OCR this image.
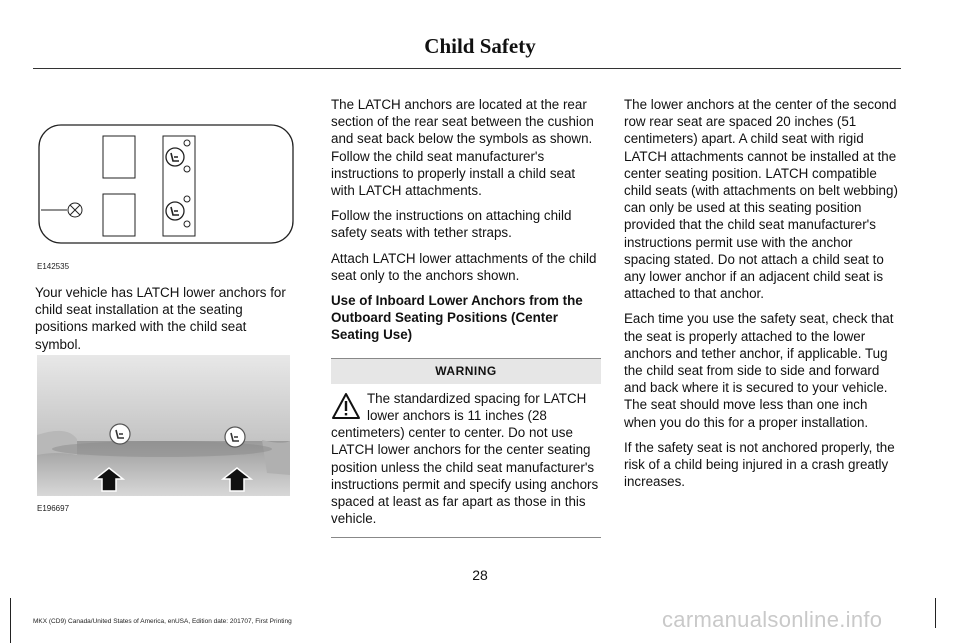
Child Safety
E142535

Your vehicle has LATCH lower anchors for child seat installation at the seating positions marked with the child seat symbol.

E196697

The LATCH anchors are located at the rear section of the rear seat between the cushion and seat back below the symbols as shown. Follow the child seat manufacturer's instructions to properly install a child seat with LATCH attachments.

Follow the instructions on attaching child safety seats with tether straps.

Attach LATCH lower attachments of the child seat only to the anchors shown.

Use of Inboard Lower Anchors from the Outboard Seating Positions (Center Seating Use)

WARNING
The standardized spacing for LATCH lower anchors is 11 inches (28 centimeters) center to center. Do not use LATCH lower anchors for the center seating position unless the child seat manufacturer's instructions permit and specify using anchors spaced at least as far apart as those in this vehicle.

The lower anchors at the center of the second row rear seat are spaced 20 inches (51 centimeters) apart. A child seat with rigid LATCH attachments cannot be installed at the center seating position. LATCH compatible child seats (with attachments on belt webbing) can only be used at this seating position provided that the child seat manufacturer's instructions permit use with the anchor spacing stated. Do not attach a child seat to any lower anchor if an adjacent child seat is attached to that anchor.

Each time you use the safety seat, check that the seat is properly attached to the lower anchors and tether anchor, if applicable. Tug the child seat from side to side and forward and back where it is secured to your vehicle. The seat should move less than one inch when you do this for a proper installation.

If the safety seat is not anchored properly, the risk of a child being injured in a crash greatly increases.

28
MKX (CD9) Canada/United States of America, enUSA, Edition date: 201707, First Printing	carmanualsonline.info
